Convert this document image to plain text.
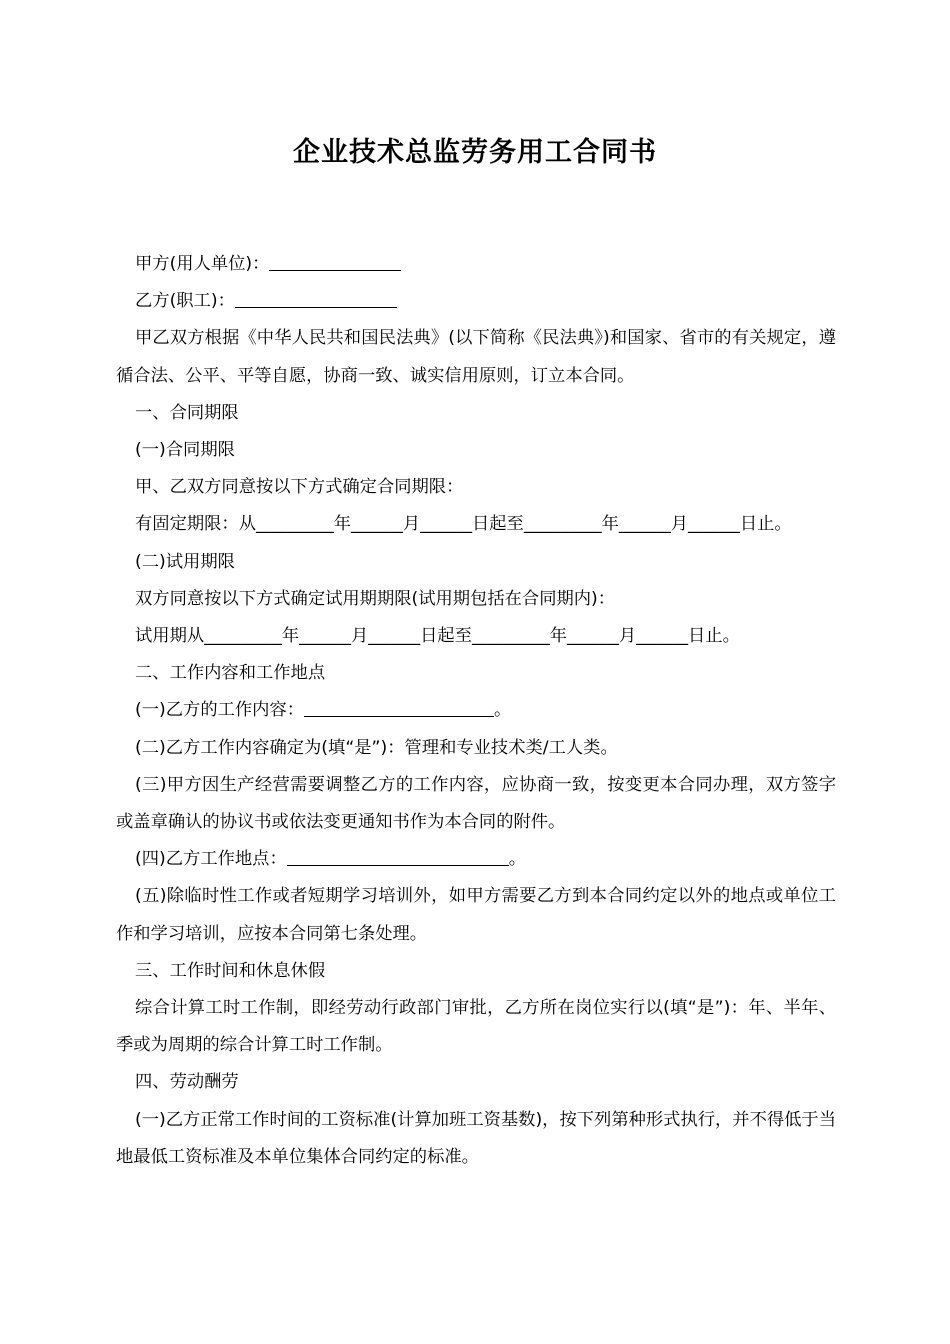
企业技术总监劳务用工合同书

甲方(用人单位)：

乙方(职工)：

甲乙双方根据《中华人民共和国民法典》(以下简称《民法典》)和国家、省市的有关规定，遵循合法、公平、平等自愿，协商一致、诚实信用原则，订立本合同。

一、合同期限

(一)合同期限

甲、乙双方同意按以下方式确定合同期限：

有固定期限：从_________年______月______日起至_________年______月______日止。

(二)试用期限

双方同意按以下方式确定试用期期限(试用期包括在合同期内)：

试用期从_________年______月______日起至_________年______月______日止。

二、工作内容和工作地点

(一)乙方的工作内容：	。

(二)乙方工作内容确定为(填“是”)：管理和专业技术类/工人类。

(三)甲方因生产经营需要调整乙方的工作内容，应协商一致，按变更本合同办理，双方签字或盖章确认的协议书或依法变更通知书作为本合同的附件。

(四)乙方工作地点：	。

(五)除临时性工作或者短期学习培训外，如甲方需要乙方到本合同约定以外的地点或单位工作和学习培训，应按本合同第七条处理。

三、工作时间和休息休假

综合计算工时工作制，即经劳动行政部门审批，乙方所在岗位实行以(填“是”)：年、半年、季或为周期的综合计算工时工作制。

四、劳动酬劳

(一)乙方正常工作时间的工资标准(计算加班工资基数)，按下列第种形式执行，并不得低于当地最低工资标准及本单位集体合同约定的标准。
